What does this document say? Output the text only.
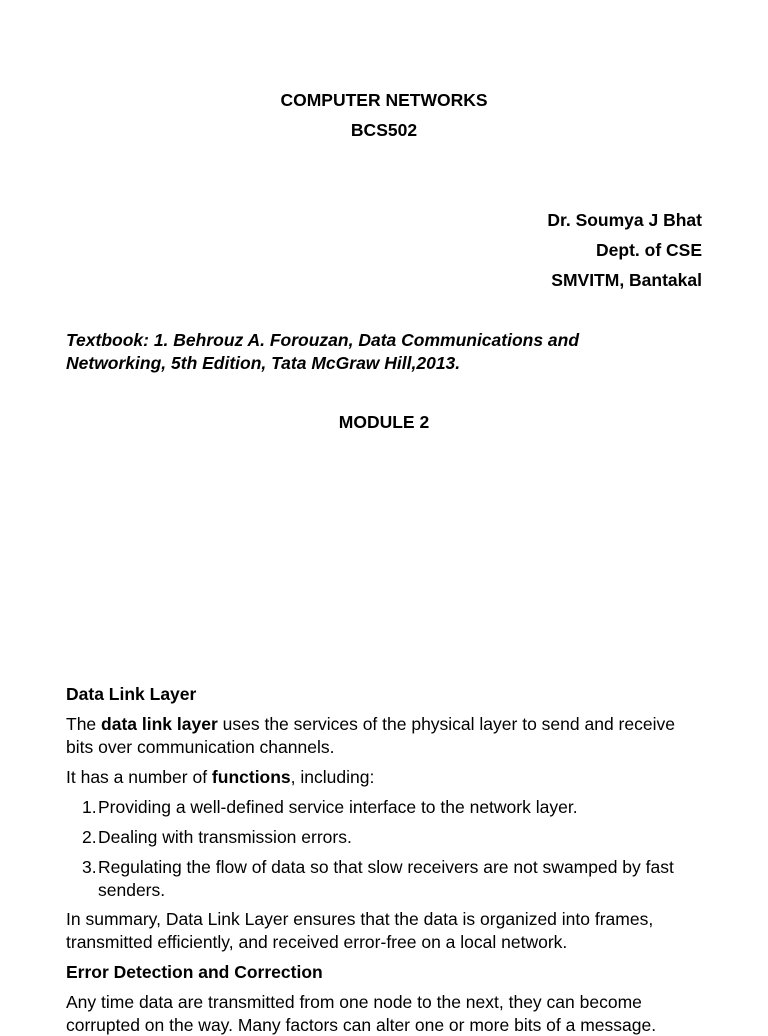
COMPUTER NETWORKS
BCS502
Dr. Soumya J Bhat
Dept. of CSE
SMVITM, Bantakal
Textbook: 1. Behrouz A. Forouzan, Data Communications and
Networking, 5th Edition, Tata McGraw Hill,2013.
MODULE 2
Data Link Layer
The data link layer uses the services of the physical layer to send and receive bits over communication channels.
It has a number of functions, including:
1. Providing a well-defined service interface to the network layer.
2. Dealing with transmission errors.
3. Regulating the flow of data so that slow receivers are not swamped by fast senders.
In summary, Data Link Layer ensures that the data is organized into frames, transmitted efficiently, and received error-free on a local network.
Error Detection and Correction
Any time data are transmitted from one node to the next, they can become corrupted on the way. Many factors can alter one or more bits of a message.
